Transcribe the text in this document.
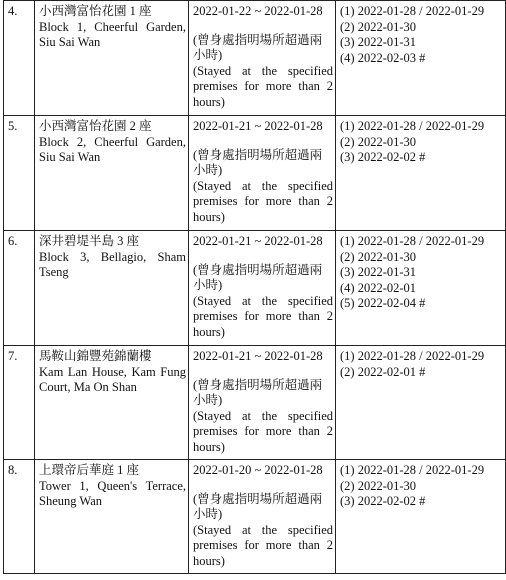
4.	小西灣富怡花園 1 座
Block 1, Cheerful Garden, Siu Sai Wan	2022-01-22 ~ 2022-01-28
(曾身處指明場所超過兩小時)
(Stayed at the specified premises for more than 2 hours)	(1) 2022-01-28 / 2022-01-29
(2) 2022-01-30
(3) 2022-01-31
(4) 2022-02-03 #

5.	小西灣富怡花園 2 座
Block 2, Cheerful Garden, Siu Sai Wan	2022-01-21 ~ 2022-01-28
(曾身處指明場所超過兩小時)
(Stayed at the specified premises for more than 2 hours)	(1) 2022-01-28 / 2022-01-29
(2) 2022-01-30
(3) 2022-02-02 #

6.	深井碧堤半島 3 座
Block 3, Bellagio, Sham Tseng	2022-01-21 ~ 2022-01-28
(曾身處指明場所超過兩小時)
(Stayed at the specified premises for more than 2 hours)	(1) 2022-01-28 / 2022-01-29
(2) 2022-01-30
(3) 2022-01-31
(4) 2022-02-01
(5) 2022-02-04 #

7.	馬鞍山錦豐苑錦蘭樓
Kam Lan House, Kam Fung Court, Ma On Shan	2022-01-21 ~ 2022-01-28
(曾身處指明場所超過兩小時)
(Stayed at the specified premises for more than 2 hours)	(1) 2022-01-28 / 2022-01-29
(2) 2022-02-01 #

8.	上環帝后華庭 1 座
Tower 1, Queen's Terrace, Sheung Wan	2022-01-20 ~ 2022-01-28
(曾身處指明場所超過兩小時)
(Stayed at the specified premises for more than 2 hours)	(1) 2022-01-28 / 2022-01-29
(2) 2022-01-30
(3) 2022-02-02 #
